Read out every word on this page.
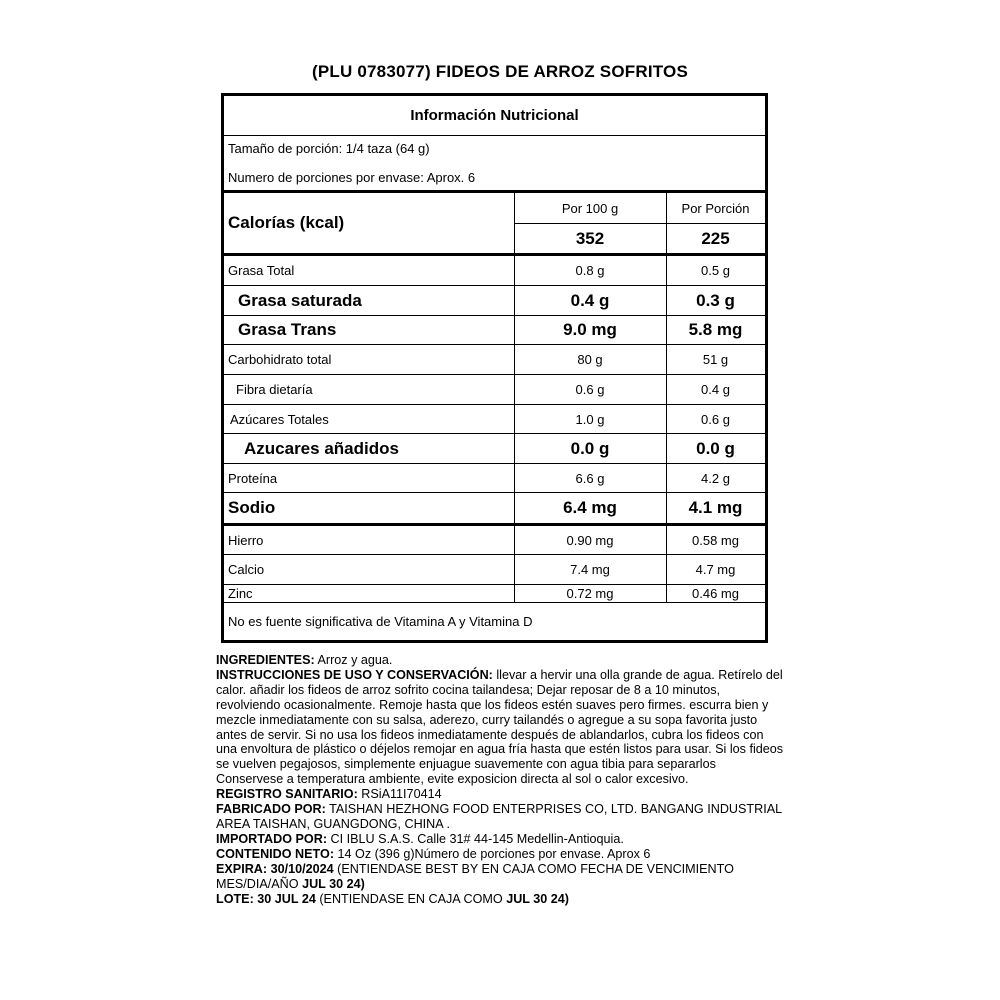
(PLU 0783077) FIDEOS DE ARROZ SOFRITOS
Información Nutricional
Tamaño de porción: 1/4 taza (64 g)
Numero de porciones por envase: Aprox. 6
Calorías (kcal)
Por 100 g	Por Porción
352	225
Grasa Total	0.8 g	0.5 g
Grasa saturada	0.4 g	0.3 g
Grasa Trans	9.0 mg	5.8 mg
Carbohidrato total	80 g	51 g
Fibra dietaría	0.6 g	0.4 g
Azúcares Totales	1.0 g	0.6 g
Azucares añadidos	0.0 g	0.0 g
Proteína	6.6 g	4.2 g
Sodio	6.4 mg	4.1 mg
Hierro	0.90 mg	0.58 mg
Calcio	7.4 mg	4.7 mg
Zinc	0.72 mg	0.46 mg
No es fuente significativa de Vitamina A y Vitamina D

INGREDIENTES: Arroz y agua.

INSTRUCCIONES DE USO Y CONSERVACIÓN: llevar a hervir una olla grande de agua. Retírelo del calor. añadir los fideos de arroz sofrito cocina tailandesa; Dejar reposar de 8 a 10 minutos, revolviendo ocasionalmente. Remoje hasta que los fideos estén suaves pero firmes. escurra bien y mezcle inmediatamente con su salsa, aderezo, curry tailandés o agregue a su sopa favorita justo antes de servir. Si no usa los fideos inmediatamente después de ablandarlos, cubra los fideos con una envoltura de plástico o déjelos remojar en agua fría hasta que estén listos para usar. Si los fideos se vuelven pegajosos, simplemente enjuague suavemente con agua tibia para separarlos Conservese a temperatura ambiente, evite exposicion directa al sol o calor excesivo.

REGISTRO SANITARIO: RSiA11I70414

FABRICADO POR: TAISHAN HEZHONG FOOD ENTERPRISES CO, LTD. BANGANG INDUSTRIAL AREA TAISHAN, GUANGDONG, CHINA .

IMPORTADO POR: CI IBLU S.A.S. Calle 31# 44-145 Medellin-Antioquia.

CONTENIDO NETO: 14 Oz (396 g)Número de porciones por envase. Aprox 6

EXPIRA: 30/10/2024 (ENTIENDASE BEST BY EN CAJA COMO FECHA DE VENCIMIENTO MES/DIA/AÑO JUL 30 24)

LOTE: 30 JUL 24 (ENTIENDASE EN CAJA COMO JUL 30 24)
